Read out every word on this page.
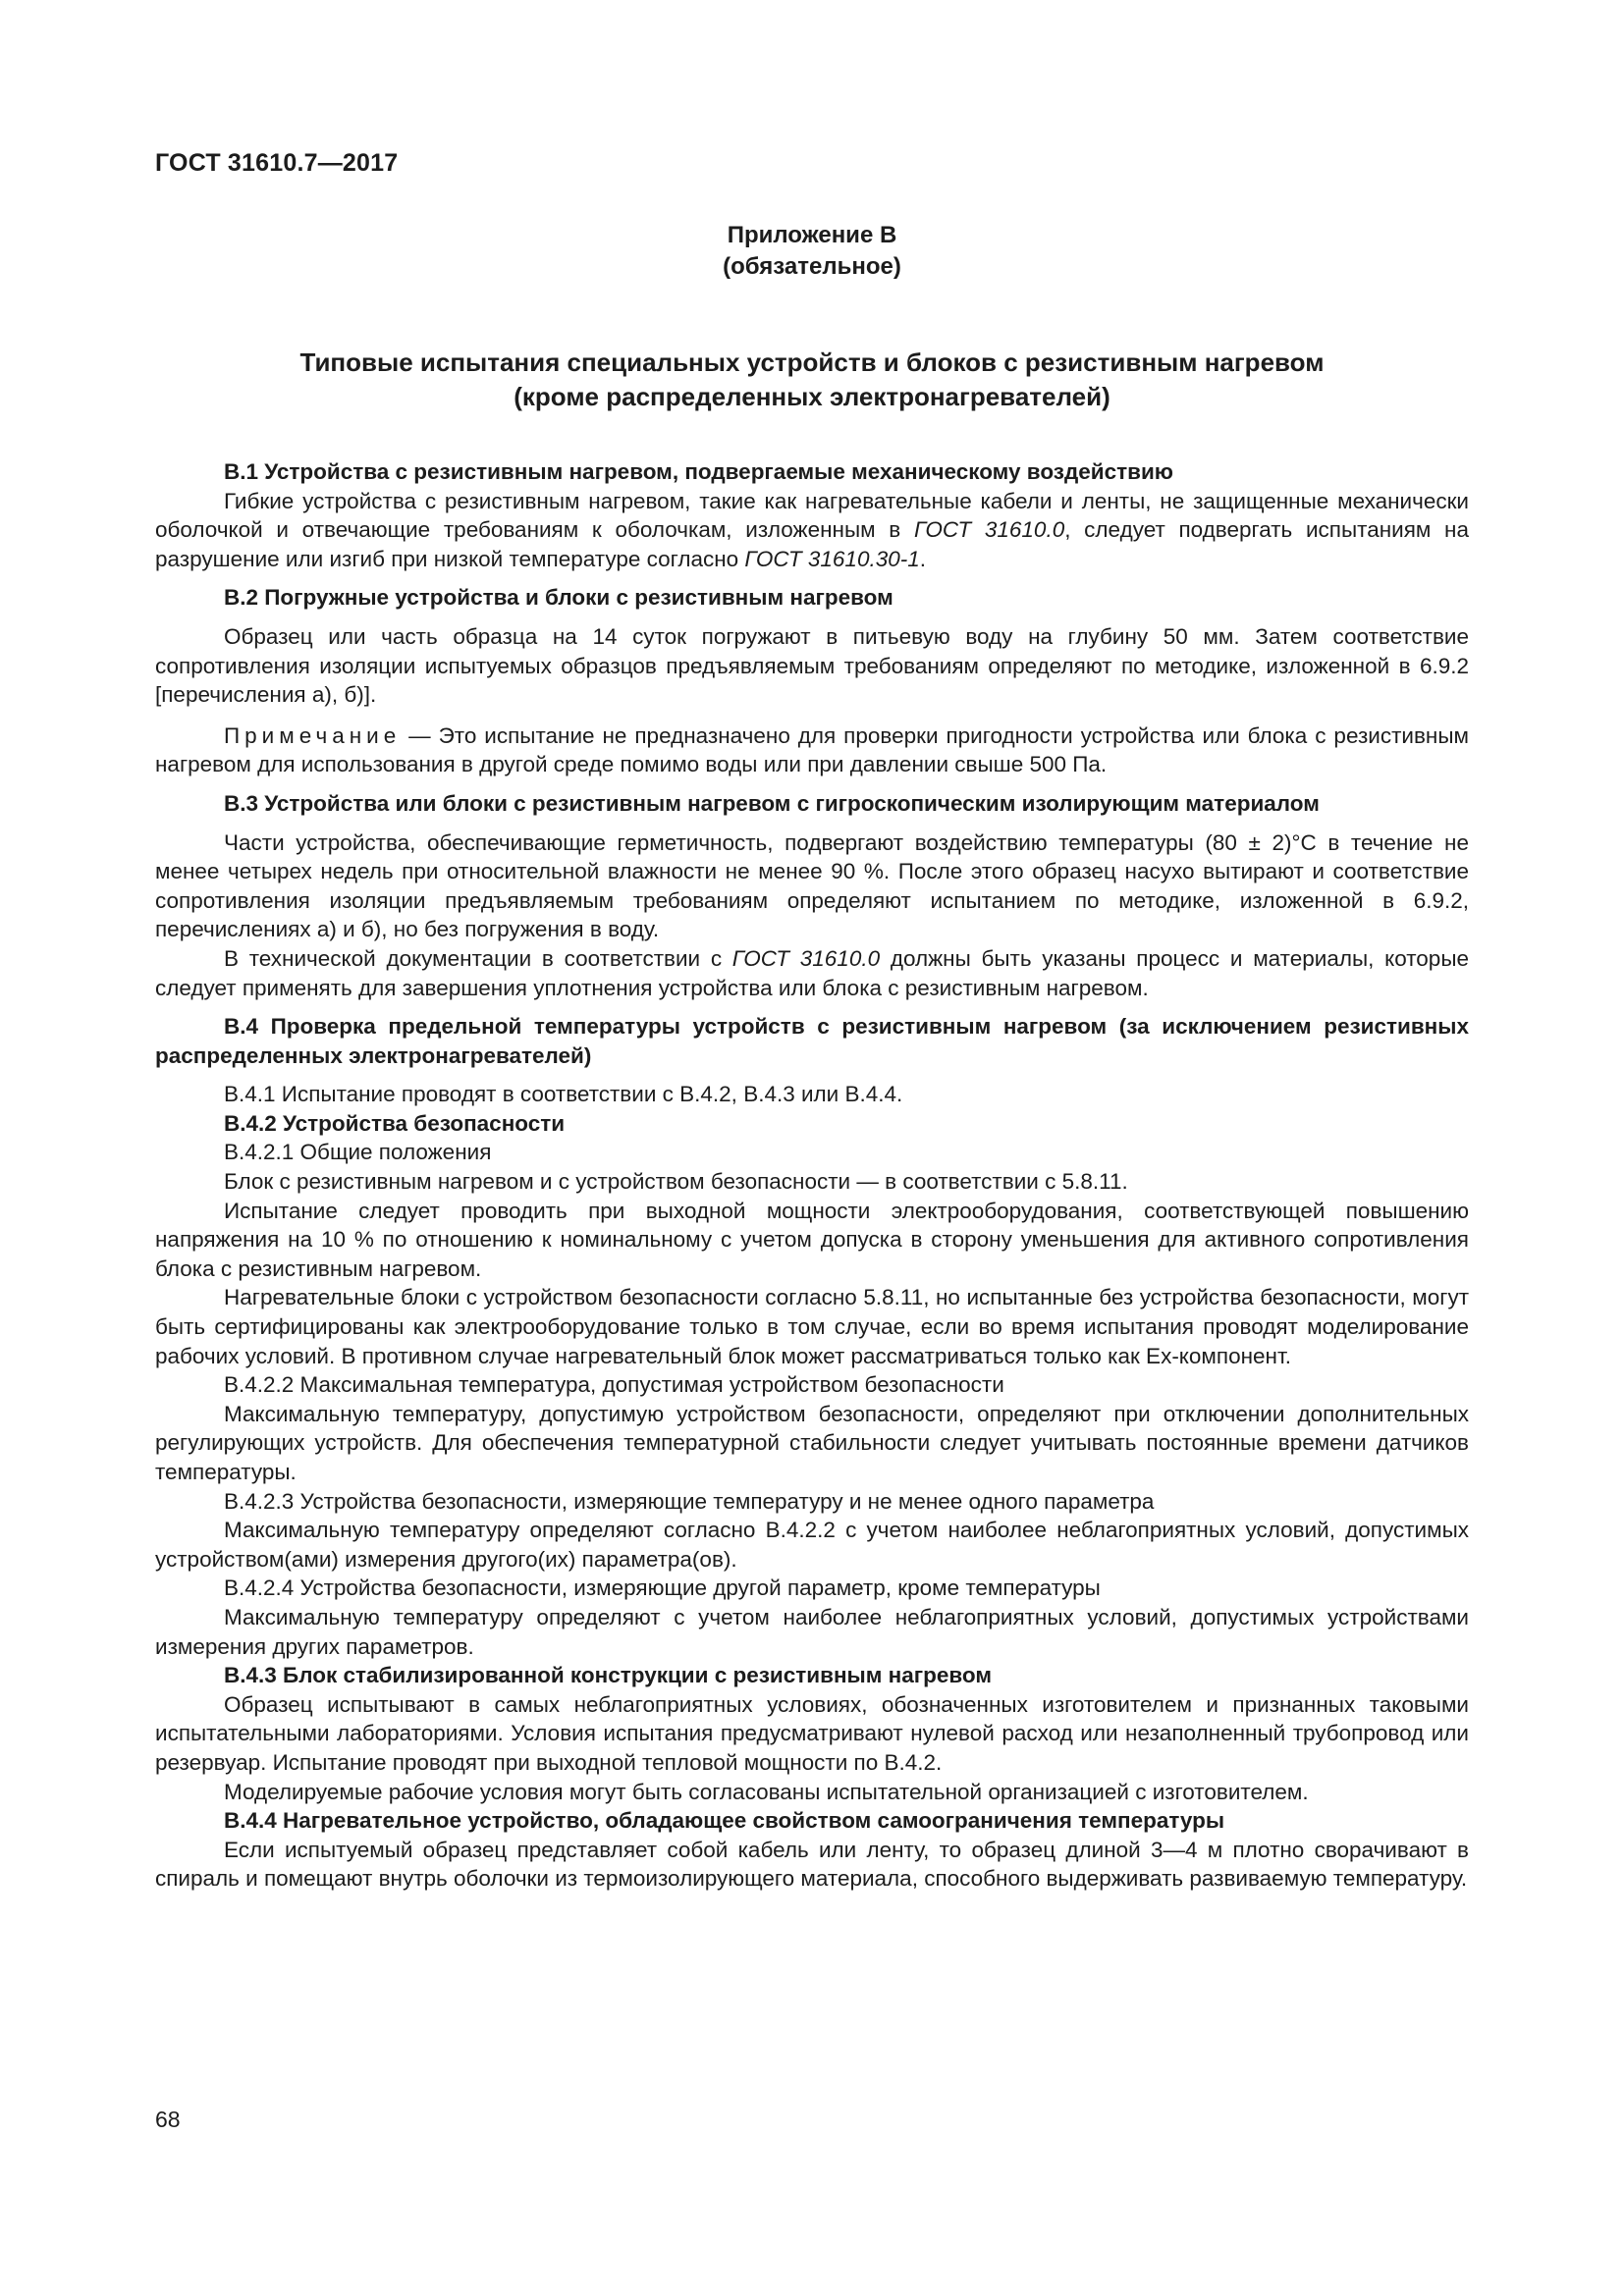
ГОСТ 31610.7—2017
Приложение В
(обязательное)
Типовые испытания специальных устройств и блоков с резистивным нагревом
(кроме распределенных электронагревателей)

В.1 Устройства с резистивным нагревом, подвергаемые механическому воздействию

Гибкие устройства с резистивным нагревом, такие как нагревательные кабели и ленты, не защищенные механически оболочкой и отвечающие требованиям к оболочкам, изложенным в ГОСТ 31610.0, следует подвергать испытаниям на разрушение или изгиб при низкой температуре согласно ГОСТ 31610.30-1.

В.2 Погружные устройства и блоки с резистивным нагревом

Образец или часть образца на 14 суток погружают в питьевую воду на глубину 50 мм. Затем соответствие сопротивления изоляции испытуемых образцов предъявляемым требованиям определяют по методике, изложенной в 6.9.2 [перечисления а), б)].

Примечание — Это испытание не предназначено для проверки пригодности устройства или блока с резистивным нагревом для использования в другой среде помимо воды или при давлении свыше 500 Па.

В.3 Устройства или блоки с резистивным нагревом с гигроскопическим изолирующим материалом

Части устройства, обеспечивающие герметичность, подвергают воздействию температуры (80 ± 2)°С в течение не менее четырех недель при относительной влажности не менее 90 %. После этого образец насухо вытирают и соответствие сопротивления изоляции предъявляемым требованиям определяют испытанием по методике, изложенной в 6.9.2, перечислениях а) и б), но без погружения в воду.

В технической документации в соответствии с ГОСТ 31610.0 должны быть указаны процесс и материалы, которые следует применять для завершения уплотнения устройства или блока с резистивным нагревом.

В.4 Проверка предельной температуры устройств с резистивным нагревом (за исключением резистивных распределенных электронагревателей)

В.4.1 Испытание проводят в соответствии с В.4.2, В.4.3 или В.4.4.

В.4.2 Устройства безопасности

В.4.2.1 Общие положения

Блок с резистивным нагревом и с устройством безопасности — в соответствии с 5.8.11.

Испытание следует проводить при выходной мощности электрооборудования, соответствующей повышению напряжения на 10 % по отношению к номинальному с учетом допуска в сторону уменьшения для активного сопротивления блока с резистивным нагревом.

Нагревательные блоки с устройством безопасности согласно 5.8.11, но испытанные без устройства безопасности, могут быть сертифицированы как электрооборудование только в том случае, если во время испытания проводят моделирование рабочих условий. В противном случае нагревательный блок может рассматриваться только как Ex-компонент.

В.4.2.2 Максимальная температура, допустимая устройством безопасности

Максимальную температуру, допустимую устройством безопасности, определяют при отключении дополнительных регулирующих устройств. Для обеспечения температурной стабильности следует учитывать постоянные времени датчиков температуры.

В.4.2.3 Устройства безопасности, измеряющие температуру и не менее одного параметра

Максимальную температуру определяют согласно В.4.2.2 с учетом наиболее неблагоприятных условий, допустимых устройством(ами) измерения другого(их) параметра(ов).

В.4.2.4 Устройства безопасности, измеряющие другой параметр, кроме температуры

Максимальную температуру определяют с учетом наиболее неблагоприятных условий, допустимых устройствами измерения других параметров.

В.4.3 Блок стабилизированной конструкции с резистивным нагревом

Образец испытывают в самых неблагоприятных условиях, обозначенных изготовителем и признанных таковыми испытательными лабораториями. Условия испытания предусматривают нулевой расход или незаполненный трубопровод или резервуар. Испытание проводят при выходной тепловой мощности по В.4.2.

Моделируемые рабочие условия могут быть согласованы испытательной организацией с изготовителем.

В.4.4 Нагревательное устройство, обладающее свойством самоограничения температуры

Если испытуемый образец представляет собой кабель или ленту, то образец длиной 3—4 м плотно сворачивают в спираль и помещают внутрь оболочки из термоизолирующего материала, способного выдерживать развиваемую температуру.

68
